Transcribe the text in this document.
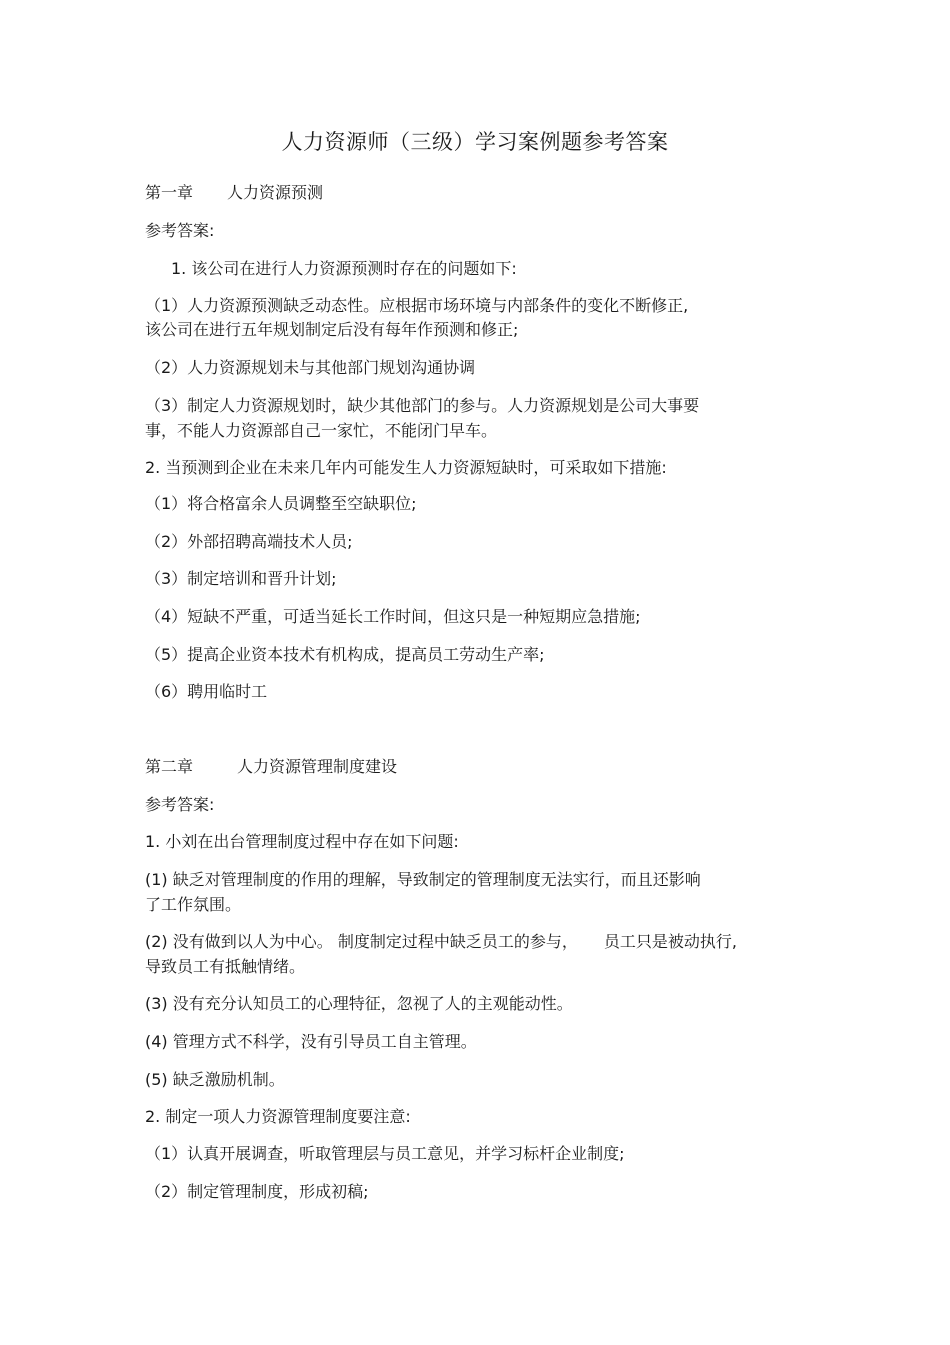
人力资源师（三级）学习案例题参考答案
第一章 人力资源预测
参考答案:
1. 该公司在进行人力资源预测时存在的问题如下:
（1）人力资源预测缺乏动态性。应根据市场环境与内部条件的变化不断修正,
该公司在进行五年规划制定后没有每年作预测和修正;
（2）人力资源规划未与其他部门规划沟通协调
（3）制定人力资源规划时，缺少其他部门的参与。人力资源规划是公司大事要
事，不能人力资源部自己一家忙，不能闭门早车。
2. 当预测到企业在未来几年内可能发生人力资源短缺时，可采取如下措施:
（1）将合格富余人员调整至空缺职位;
（2）外部招聘高端技术人员;
（3）制定培训和晋升计划;
（4）短缺不严重，可适当延长工作时间，但这只是一种短期应急措施;
（5）提高企业资本技术有机构成，提高员工劳动生产率;
（6）聘用临时工
第二章	人力资源管理制度建设
参考答案:
1. 小刘在出台管理制度过程中存在如下问题:
(1) 缺乏对管理制度的作用的理解，导致制定的管理制度无法实行，而且还影响
了工作氛围。
(2) 没有做到以人为中心。 制度制定过程中缺乏员工的参与， 员工只是被动执行,
导致员工有抵触情绪。
(3) 没有充分认知员工的心理特征，忽视了人的主观能动性。
(4) 管理方式不科学，没有引导员工自主管理。
(5) 缺乏激励机制。
2. 制定一项人力资源管理制度要注意:
（1）认真开展调查，听取管理层与员工意见，并学习标杆企业制度;
（2）制定管理制度，形成初稿;
